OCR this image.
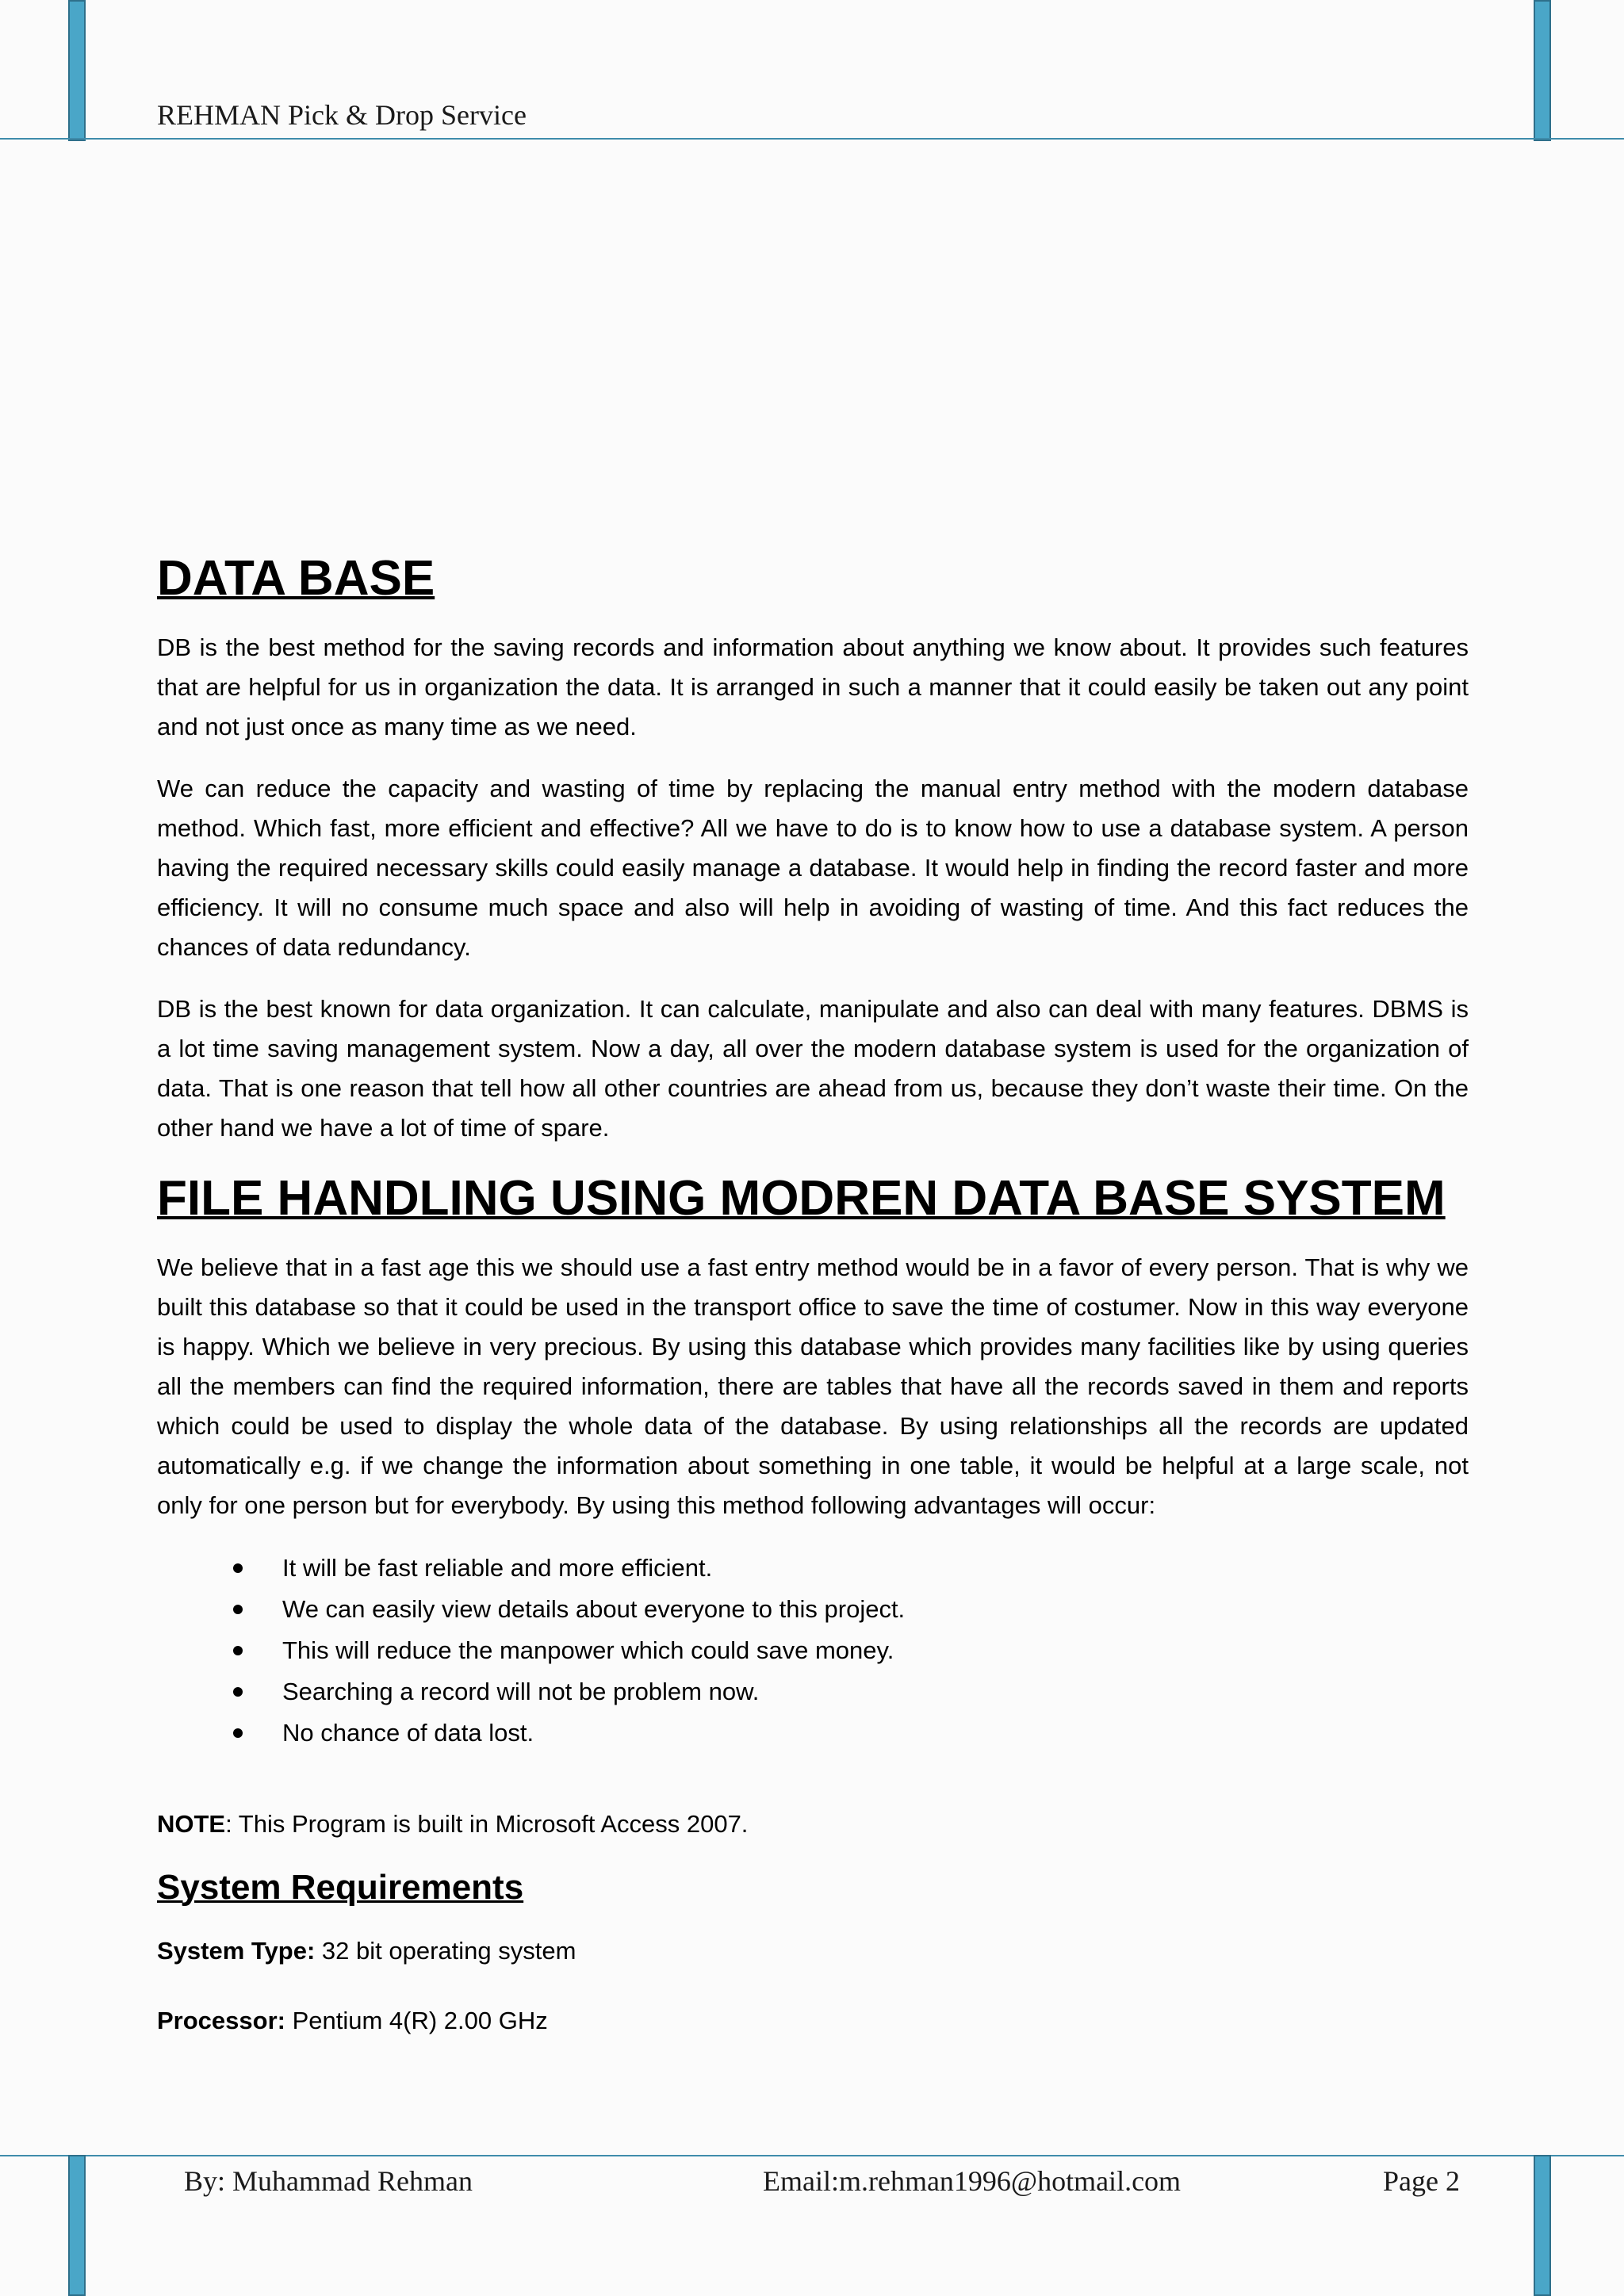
REHMAN Pick & Drop Service
DATA BASE

DB is the best method for the saving records and information about anything we know about. It provides such features that are helpful for us in organization the data. It is arranged in such a manner that it could easily be taken out any point and not just once as many time as we need.

We can reduce the capacity and wasting of time by replacing the manual entry method with the modern database method. Which fast, more efficient and effective? All we have to do is to know how to use a database system. A person having the required necessary skills could easily manage a database. It would help in finding the record faster and more efficiency. It will no consume much space and also will help in avoiding of wasting of time. And this fact reduces the chances of data redundancy.

DB is the best known for data organization. It can calculate, manipulate and also can deal with many features. DBMS is a lot time saving management system. Now a day, all over the modern database system is used for the organization of data. That is one reason that tell how all other countries are ahead from us, because they don’t waste their time. On the other hand we have a lot of time of spare.

FILE HANDLING USING MODREN DATA BASE SYSTEM

We believe that in a fast age this we should use a fast entry method would be in a favor of every person. That is why we built this database so that it could be used in the transport office to save the time of costumer. Now in this way everyone is happy. Which we believe in very precious. By using this database which provides many facilities like by using queries all the members can find the required information, there are tables that have all the records saved in them and reports which could be used to display the whole data of the database. By using relationships all the records are updated automatically e.g. if we change the information about something in one table, it would be helpful at a large scale, not only for one person but for everybody. By using this method following advantages will occur:

It will be fast reliable and more efficient.
We can easily view details about everyone to this project.
This will reduce the manpower which could save money.
Searching a record will not be problem now.
No chance of data lost.

NOTE: This Program is built in Microsoft Access 2007.

System Requirements

System Type: 32 bit operating system

Processor: Pentium 4(R) 2.00 GHz

By: Muhammad Rehman	Email:m.rehman1996@hotmail.com	Page 2
